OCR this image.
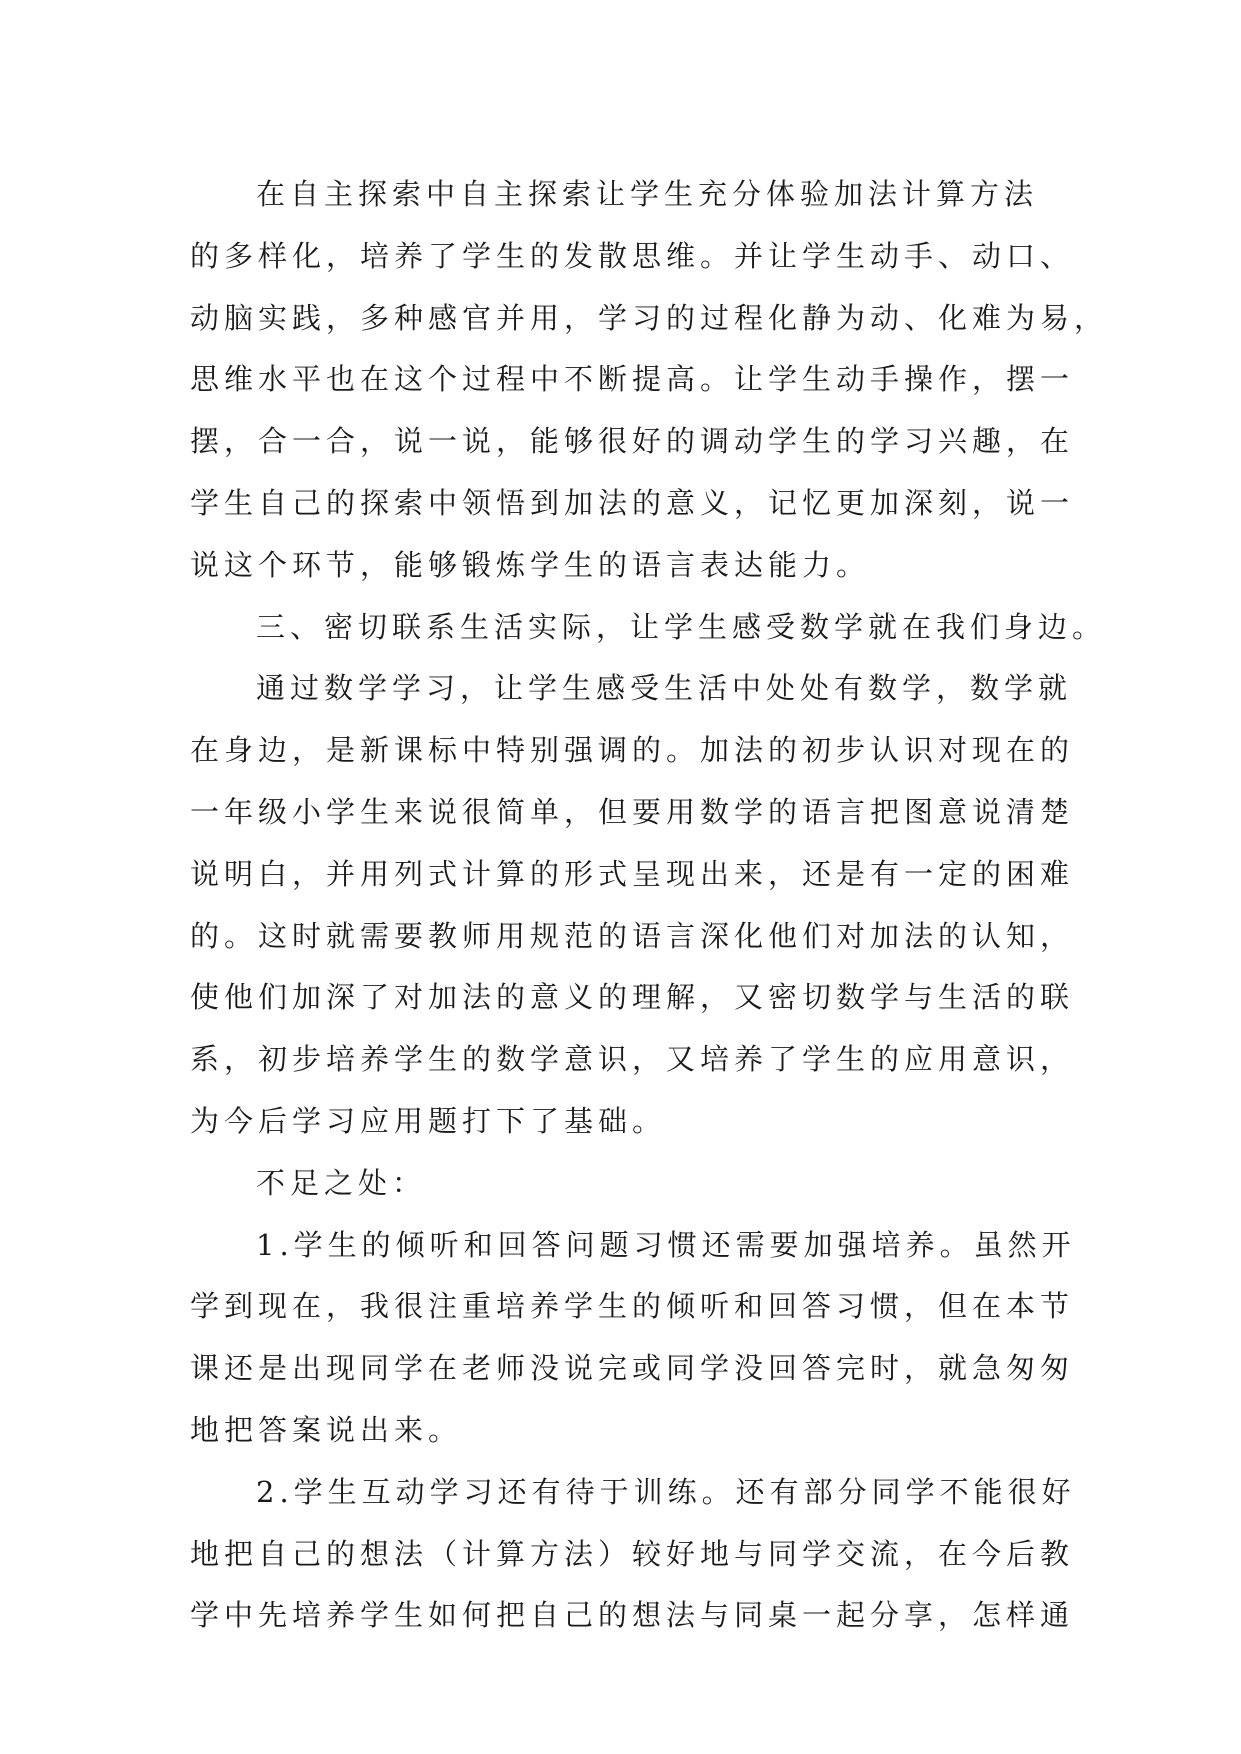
在自主探索中自主探索让学生充分体验加法计算方法
的多样化，培养了学生的发散思维。并让学生动手、动口、
动脑实践，多种感官并用，学习的过程化静为动、化难为易，
思维水平也在这个过程中不断提高。让学生动手操作，摆一
摆，合一合，说一说，能够很好的调动学生的学习兴趣，在
学生自己的探索中领悟到加法的意义，记忆更加深刻，说一
说这个环节，能够锻炼学生的语言表达能力。
三、密切联系生活实际，让学生感受数学就在我们身边。
通过数学学习，让学生感受生活中处处有数学，数学就
在身边，是新课标中特别强调的。加法的初步认识对现在的
一年级小学生来说很简单，但要用数学的语言把图意说清楚
说明白，并用列式计算的形式呈现出来，还是有一定的困难
的。这时就需要教师用规范的语言深化他们对加法的认知，
使他们加深了对加法的意义的理解，又密切数学与生活的联
系，初步培养学生的数学意识，又培养了学生的应用意识，
为今后学习应用题打下了基础。
不足之处：
1.学生的倾听和回答问题习惯还需要加强培养。虽然开
学到现在，我很注重培养学生的倾听和回答习惯，但在本节
课还是出现同学在老师没说完或同学没回答完时，就急匆匆
地把答案说出来。
2.学生互动学习还有待于训练。还有部分同学不能很好
地把自己的想法（计算方法）较好地与同学交流，在今后教
学中先培养学生如何把自己的想法与同桌一起分享，怎样通
